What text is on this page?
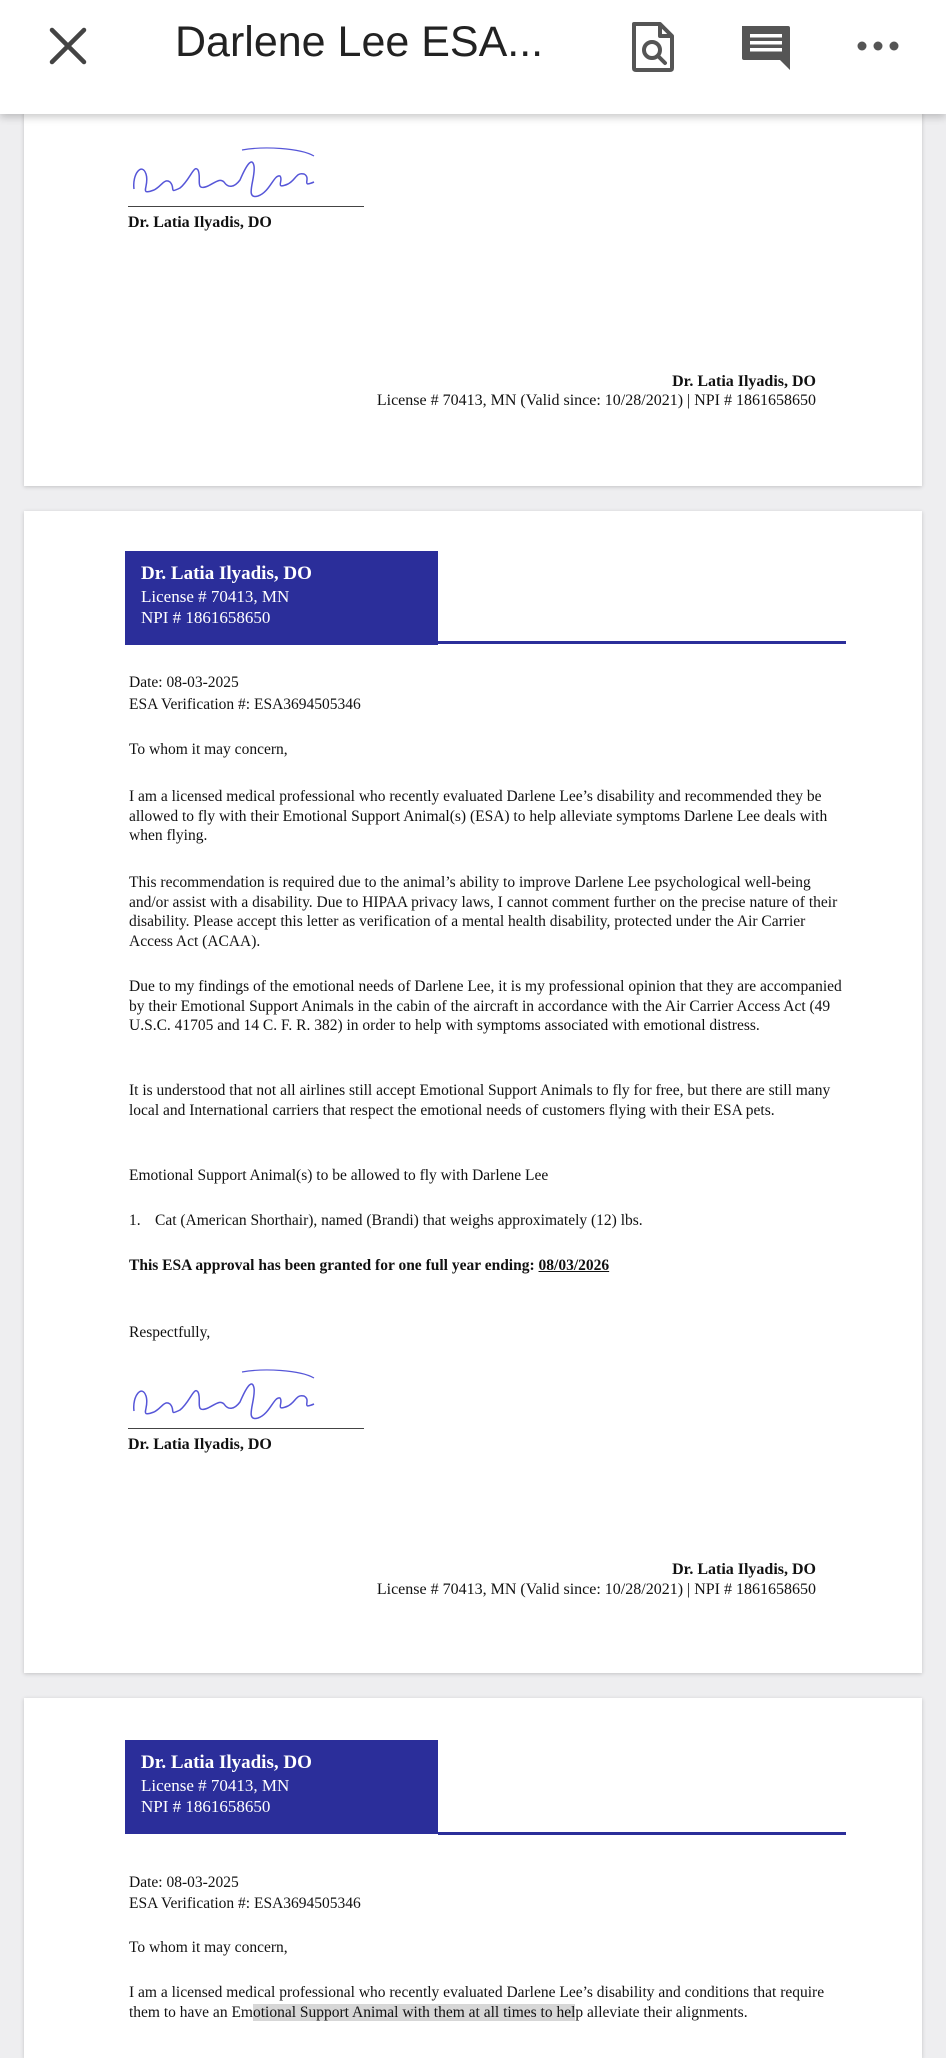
Darlene Lee ESA...
Dr. Latia Ilyadis, DO
Dr. Latia Ilyadis, DO
License # 70413, MN (Valid since: 10/28/2021) | NPI # 1861658650
Dr. Latia Ilyadis, DO
License # 70413, MN
NPI # 1861658650
Date: 08-03-2025
ESA Verification #: ESA3694505346
To whom it may concern,
I am a licensed medical professional who recently evaluated Darlene Lee’s disability and recommended they be allowed to fly with their Emotional Support Animal(s) (ESA) to help alleviate symptoms Darlene Lee deals with when flying.
This recommendation is required due to the animal’s ability to improve Darlene Lee psychological well-being and/or assist with a disability. Due to HIPAA privacy laws, I cannot comment further on the precise nature of their disability. Please accept this letter as verification of a mental health disability, protected under the Air Carrier Access Act (ACAA).
Due to my findings of the emotional needs of Darlene Lee, it is my professional opinion that they are accompanied by their Emotional Support Animals in the cabin of the aircraft in accordance with the Air Carrier Access Act (49 U.S.C. 41705 and 14 C. F. R. 382) in order to help with symptoms associated with emotional distress.
It is understood that not all airlines still accept Emotional Support Animals to fly for free, but there are still many local and International carriers that respect the emotional needs of customers flying with their ESA pets.
Emotional Support Animal(s) to be allowed to fly with Darlene Lee
1. Cat (American Shorthair), named (Brandi) that weighs approximately (12) lbs.
This ESA approval has been granted for one full year ending: 08/03/2026
Respectfully,
Dr. Latia Ilyadis, DO
Dr. Latia Ilyadis, DO
License # 70413, MN (Valid since: 10/28/2021) | NPI # 1861658650
Dr. Latia Ilyadis, DO
License # 70413, MN
NPI # 1861658650
Date: 08-03-2025
ESA Verification #: ESA3694505346
To whom it may concern,
I am a licensed medical professional who recently evaluated Darlene Lee’s disability and conditions that require them to have an Emotional Support Animal with them at all times to help alleviate their alignments.
